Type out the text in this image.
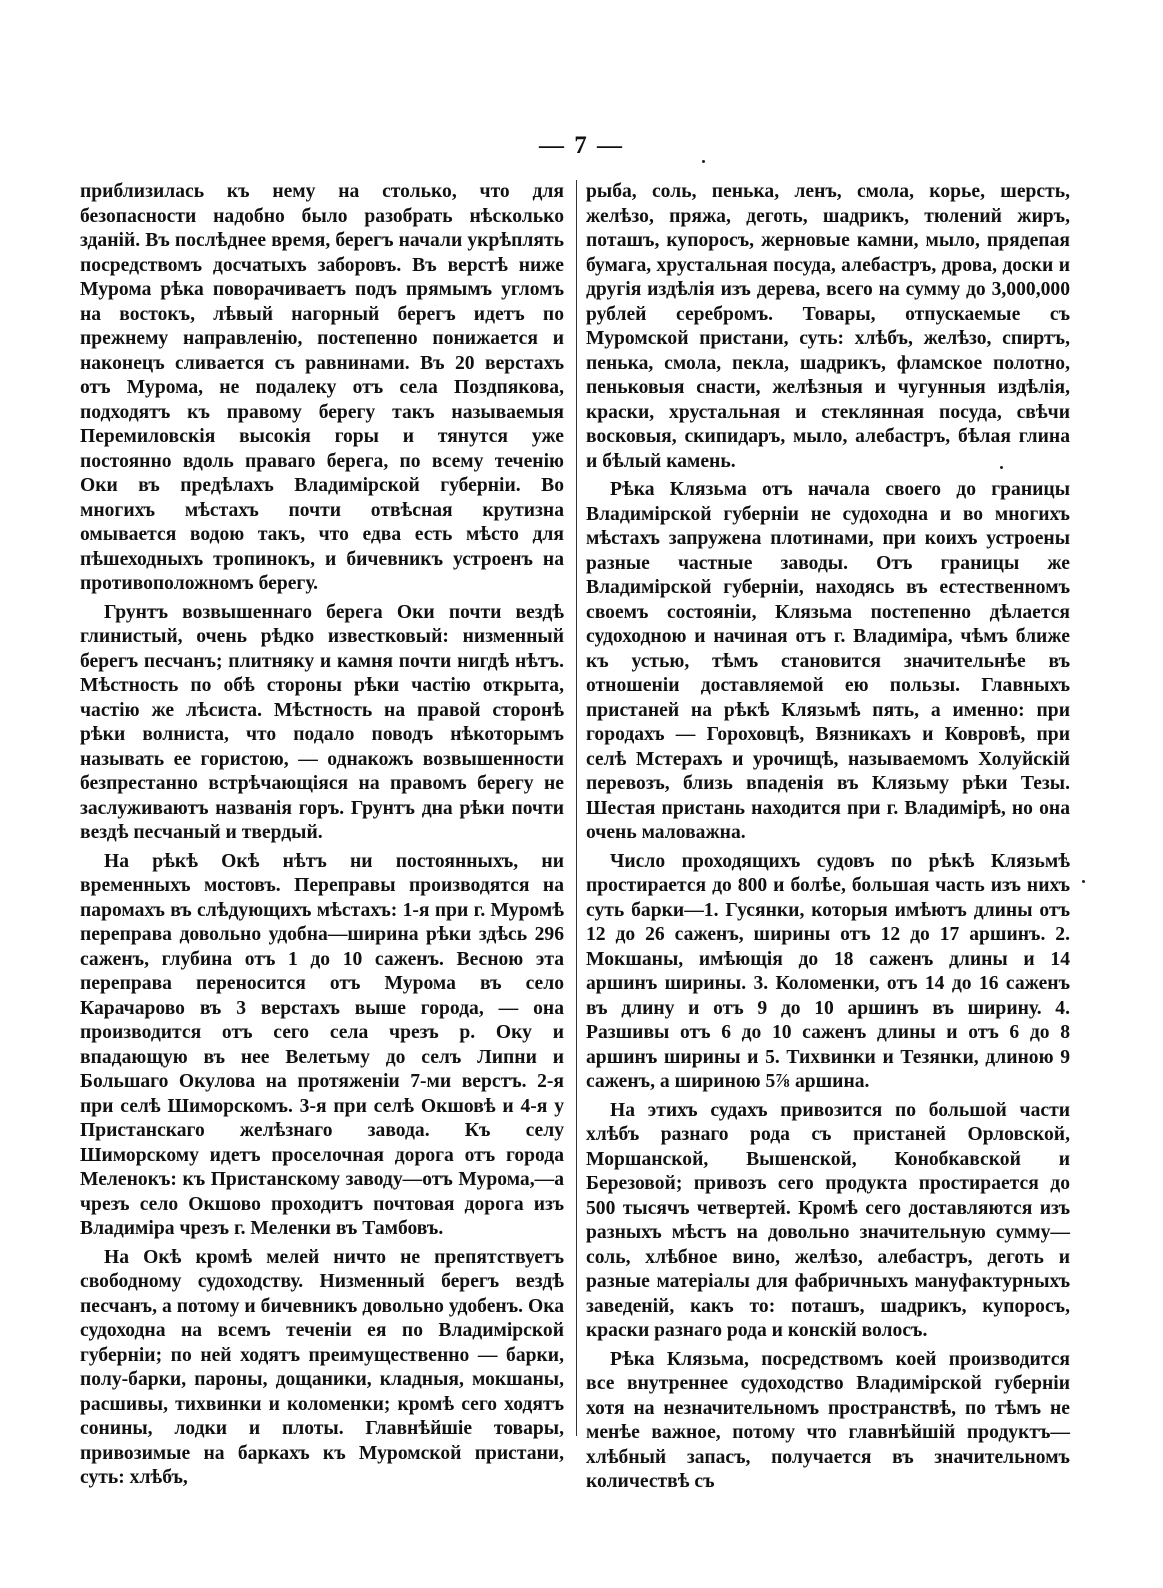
— 7 —

приблизилась къ нему на столько, что для безопасности надобно было разобрать нѣсколько зданій. Въ послѣднее время, берегъ начали укрѣплять посредствомъ досчатыхъ заборовъ. Въ верстѣ ниже Мурома рѣка поворачиваетъ подъ прямымъ угломъ на востокъ, лѣвый нагорный берегъ идетъ по прежнему направленію, постепенно понижается и наконецъ сливается съ равнинами. Въ 20 верстахъ отъ Мурома, не подалеку отъ села Поздпякова, подходятъ къ правому берегу такъ называемыя Перемиловскія высокія горы и тянутся уже постоянно вдоль праваго берега, по всему теченію Оки въ предѣлахъ Владимірской губерніи. Во многихъ мѣстахъ почти отвѣсная крутизна омывается водою такъ, что едва есть мѣсто для пѣшеходныхъ тропинокъ, и бичевникъ устроенъ на противоположномъ берегу.

Грунтъ возвышеннаго берега Оки почти вездѣ глинистый, очень рѣдко известковый: низменный берегъ песчанъ; плитняку и камня почти нигдѣ нѣтъ. Мѣстность по обѣ стороны рѣки частію открыта, частію же лѣсиста. Мѣстность на правой сторонѣ рѣки волнистa, что подало поводъ нѣкоторымъ называть ее гористою, — однакожъ возвышенности безпрестанно встрѣчающіяся на правомъ берегу не заслуживаютъ названія горъ. Грунтъ дна рѣки почти вездѣ песчаный и твердый.

На рѣкѣ Окѣ нѣтъ ни постоянныхъ, ни временныхъ мостовъ. Переправы производятся на паромахъ въ слѣдующихъ мѣстахъ: 1-я при г. Муромѣ переправа довольно удобна—ширина рѣки здѣсь 296 саженъ, глубина отъ 1 до 10 саженъ. Весною эта переправа переносится отъ Мурома въ село Карачарово въ 3 верстахъ выше города, — она производится отъ сего села чрезъ р. Оку и впадающую въ нее Велетьму до селъ Липни и Большаго Окулова на протяженіи 7-ми верстъ. 2-я при селѣ Шиморскомъ. 3-я при селѣ Окшовѣ и 4-я у Пристанскаго желѣзнаго завода. Къ селу Шиморскому идетъ проселочная дорога отъ города Меленокъ: къ Пристанскому заводу—отъ Мурома,—а чрезъ село Окшово проходитъ почтовая дорога изъ Владиміра чрезъ г. Меленки въ Тамбовъ.

На Окѣ кромѣ мелей ничто не препятствуетъ свободному судоходству. Низменный берегъ вездѣ песчанъ, а потому и бичевникъ довольно удобенъ. Ока судоходна на всемъ теченіи ея по Владимірской губерніи; по ней ходятъ преимущественно — барки, полу-барки, пароны, дощаники, кладныя, мокшаны, расшивы, тихвинки и коломенки; кромѣ сего ходятъ сонины, лодки и плоты. Главнѣйшіе товары, привозимые на баркахъ къ Муромской пристани, суть: хлѣбъ,

рыба, соль, пенька, ленъ, смола, корье, шерсть, желѣзо, пряжа, деготь, шадрикъ, тюлений жиръ, поташъ, купоросъ, жерновые камни, мыло, прядепая бумага, хрустальная посуда, алебастръ, дрова, доски и другія издѣлія изъ дерева, всего на сумму до 3,000,000 рублей серебромъ. Товары, отпускаемые съ Муромской пристани, суть: хлѣбъ, желѣзо, спиртъ, пенька, смола, пекла, шадрикъ, фламское полотно, пеньковыя снасти, желѣзныя и чугунныя издѣлія, краски, хрустальная и стеклянная посуда, свѣчи восковыя, скипидаръ, мыло, алебастръ, бѣлая глина и бѣлый камень.

Рѣка Клязьма отъ начала своего до границы Владимірской губерніи не судоходна и во многихъ мѣстахъ запружена плотинами, при коихъ устроены разные частные заводы. Отъ границы же Владимірской губерніи, находясь въ естественномъ своемъ состояніи, Клязьма постепенно дѣлается судоходною и начиная отъ г. Владиміра, чѣмъ ближе къ устью, тѣмъ становится значительнѣе въ отношеніи доставляемой ею пользы. Главныхъ пристаней на рѣкѣ Клязьмѣ пять, а именно: при городахъ — Гороховцѣ, Вязникахъ и Ковровѣ, при селѣ Мстерахъ и урочищѣ, называемомъ Холуйскій перевозъ, близь впаденія въ Клязьму рѣки Тезы. Шестая пристань находится при г. Владимірѣ, но она очень маловажна.

Число проходящихъ судовъ по рѣкѣ Клязьмѣ простирается до 800 и болѣе, большая часть изъ нихъ суть барки—1. Гусянки, которыя имѣютъ длины отъ 12 до 26 саженъ, ширины отъ 12 до 17 аршинъ. 2. Мокшаны, имѣющія до 18 саженъ длины и 14 аршинъ ширины. 3. Коломенки, отъ 14 до 16 саженъ въ длину и отъ 9 до 10 аршинъ въ ширину. 4. Разшивы отъ 6 до 10 саженъ длины и отъ 6 до 8 аршинъ ширины и 5. Тихвинки и Тезянки, длиною 9 саженъ, а шириною 5⅞ аршина.

На этихъ судахъ привозится по большой части хлѣбъ разнаго рода съ пристаней Орловской, Моршанской, Вышенской, Конобкавской и Березовой; привозъ сего продукта простирается до 500 тысячъ четвертей. Кромѣ сего доставляются изъ разныхъ мѣстъ на довольно значительную сумму—соль, хлѣбное вино, желѣзо, алебастръ, деготь и разные матеріалы для фабричныхъ мануфактурныхъ заведеній, какъ то: поташъ, шадрикъ, купоросъ, краски разнаго рода и конскій волосъ.

Рѣка Клязьма, посредствомъ коей производится все внутреннее судоходство Владимірской губерніи хотя на незначительномъ пространствѣ, по тѣмъ не менѣе важное, потому что главнѣйшій продуктъ—хлѣбный запасъ, получается въ значительномъ количествѣ съ
